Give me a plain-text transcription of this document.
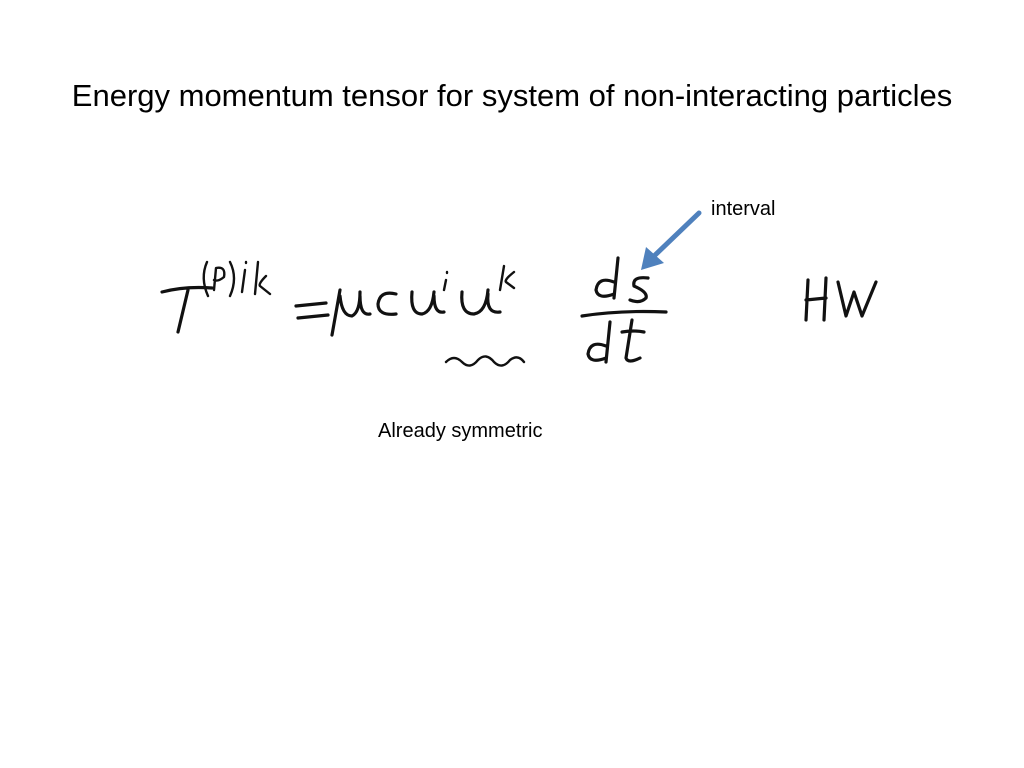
Energy momentum tensor for system of non-interacting particles
interval
Already symmetric
